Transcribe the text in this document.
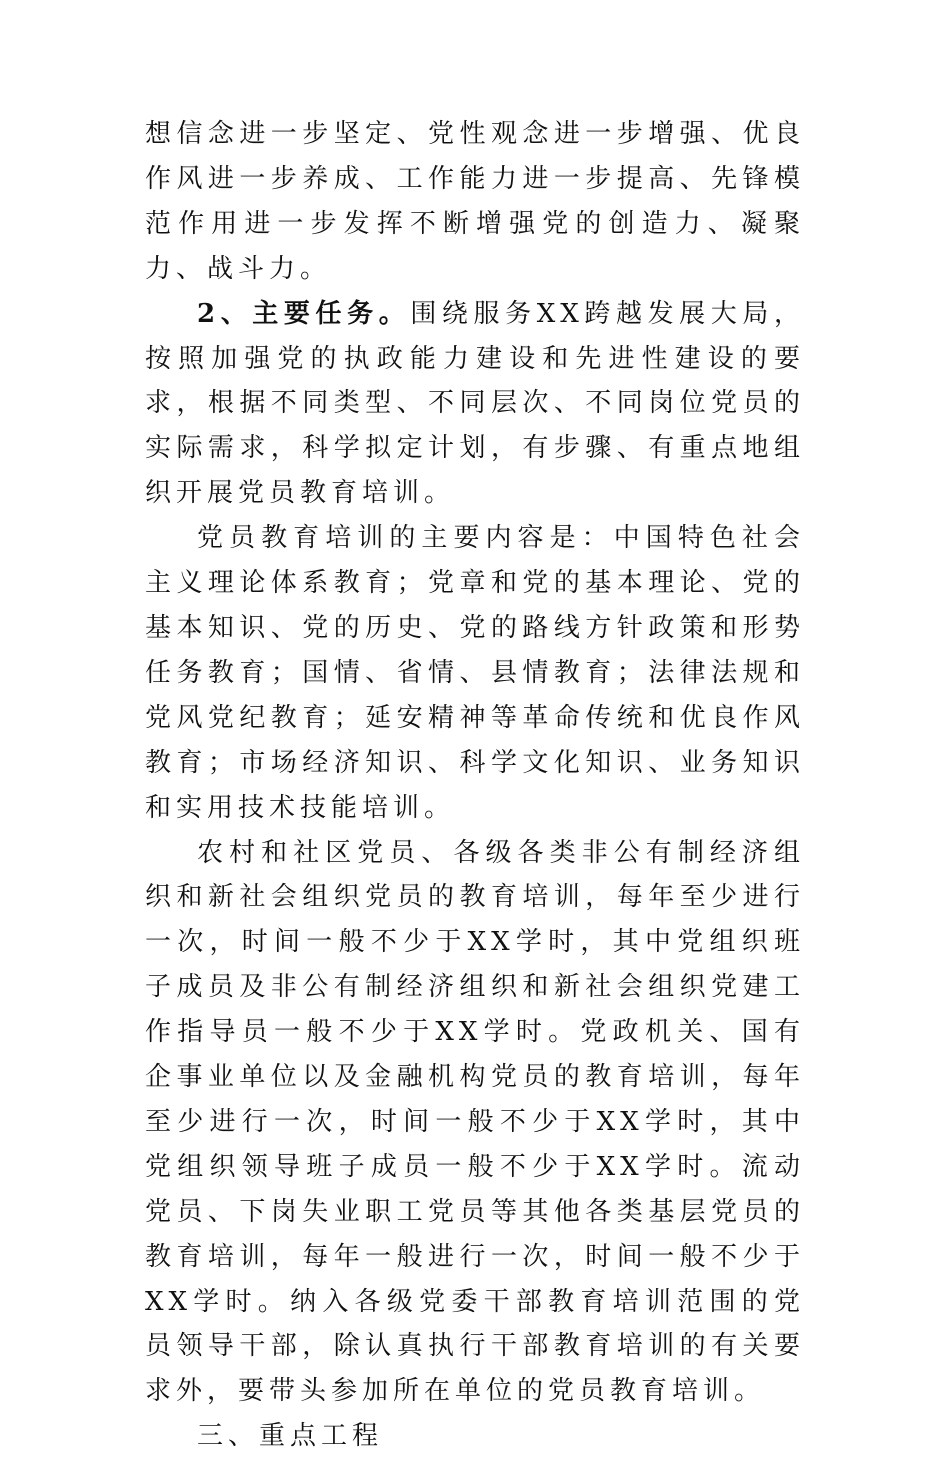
想信念进一步坚定、党性观念进一步增强、优良作风进一步养成、工作能力进一步提高、先锋模范作用进一步发挥不断增强党的创造力、凝聚力、战斗力。

2、主要任务。围绕服务XX跨越发展大局，按照加强党的执政能力建设和先进性建设的要求，根据不同类型、不同层次、不同岗位党员的实际需求，科学拟定计划，有步骤、有重点地组织开展党员教育培训。

党员教育培训的主要内容是：中国特色社会主义理论体系教育；党章和党的基本理论、党的基本知识、党的历史、党的路线方针政策和形势任务教育；国情、省情、县情教育；法律法规和党风党纪教育；延安精神等革命传统和优良作风教育；市场经济知识、科学文化知识、业务知识和实用技术技能培训。

农村和社区党员、各级各类非公有制经济组织和新社会组织党员的教育培训，每年至少进行一次，时间一般不少于XX学时，其中党组织班子成员及非公有制经济组织和新社会组织党建工作指导员一般不少于XX学时。党政机关、国有企事业单位以及金融机构党员的教育培训，每年至少进行一次，时间一般不少于XX学时，其中党组织领导班子成员一般不少于XX学时。流动党员、下岗失业职工党员等其他各类基层党员的教育培训，每年一般进行一次，时间一般不少于XX学时。纳入各级党委干部教育培训范围的党员领导干部，除认真执行干部教育培训的有关要求外，要带头参加所在单位的党员教育培训。

三、重点工程
